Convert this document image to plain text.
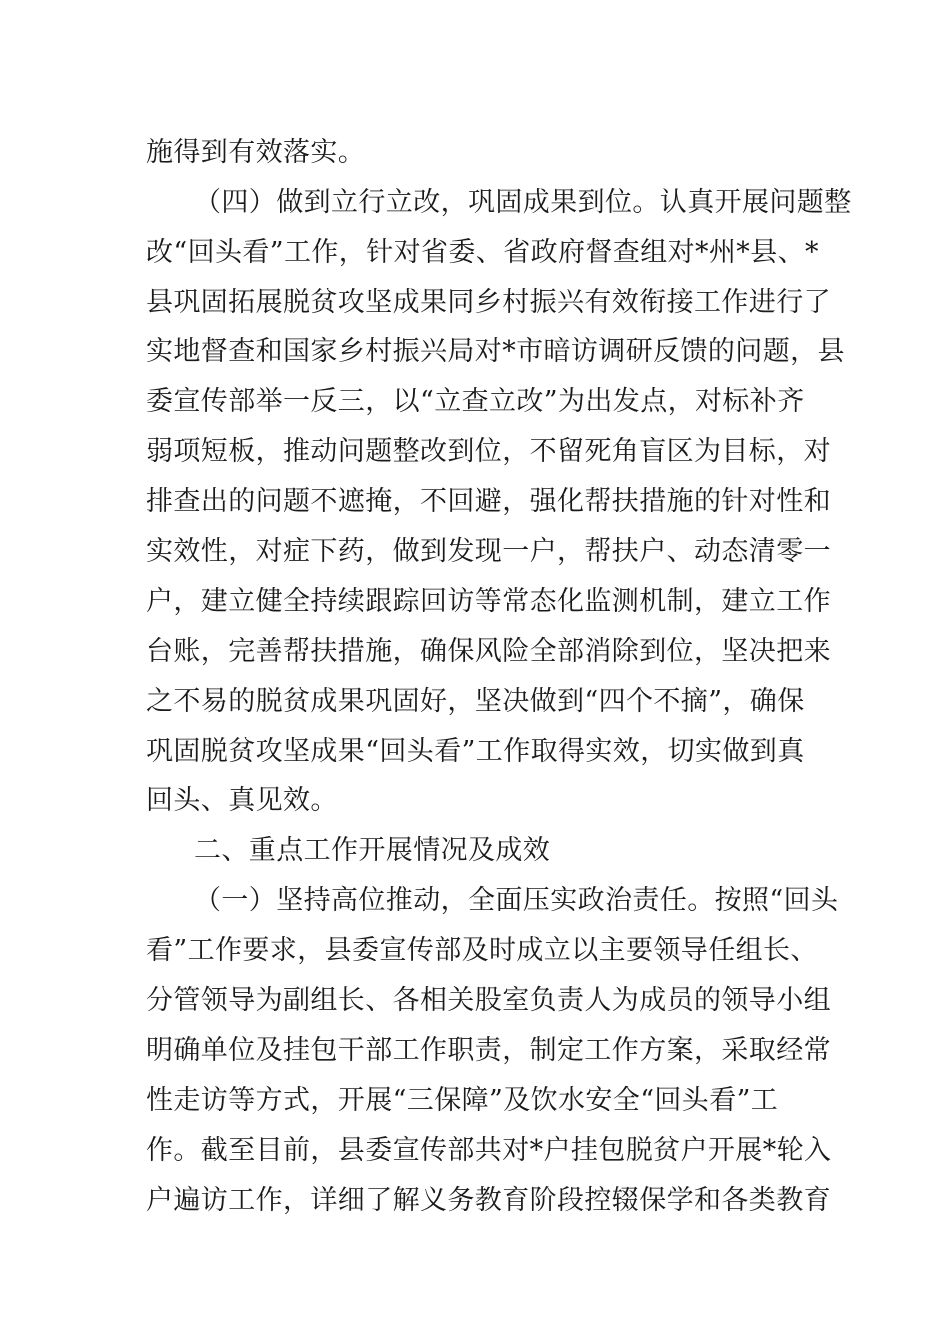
施得到有效落实。
（四）做到立行立改，巩固成果到位。认真开展问题整
改“回头看”工作，针对省委、省政府督查组对*州*县、*
县巩固拓展脱贫攻坚成果同乡村振兴有效衔接工作进行了
实地督查和国家乡村振兴局对*市暗访调研反馈的问题，县
委宣传部举一反三，以“立查立改”为出发点，对标补齐
弱项短板，推动问题整改到位，不留死角盲区为目标，对
排查出的问题不遮掩，不回避，强化帮扶措施的针对性和
实效性，对症下药，做到发现一户，帮扶户、动态清零一
户，建立健全持续跟踪回访等常态化监测机制，建立工作
台账，完善帮扶措施，确保风险全部消除到位，坚决把来
之不易的脱贫成果巩固好，坚决做到“四个不摘”，确保
巩固脱贫攻坚成果“回头看”工作取得实效，切实做到真
回头、真见效。
二、重点工作开展情况及成效
（一）坚持高位推动，全面压实政治责任。按照“回头
看”工作要求，县委宣传部及时成立以主要领导任组长、
分管领导为副组长、各相关股室负责人为成员的领导小组
明确单位及挂包干部工作职责，制定工作方案，采取经常
性走访等方式，开展“三保障”及饮水安全“回头看”工
作。截至目前，县委宣传部共对*户挂包脱贫户开展*轮入
户遍访工作，详细了解义务教育阶段控辍保学和各类教育
